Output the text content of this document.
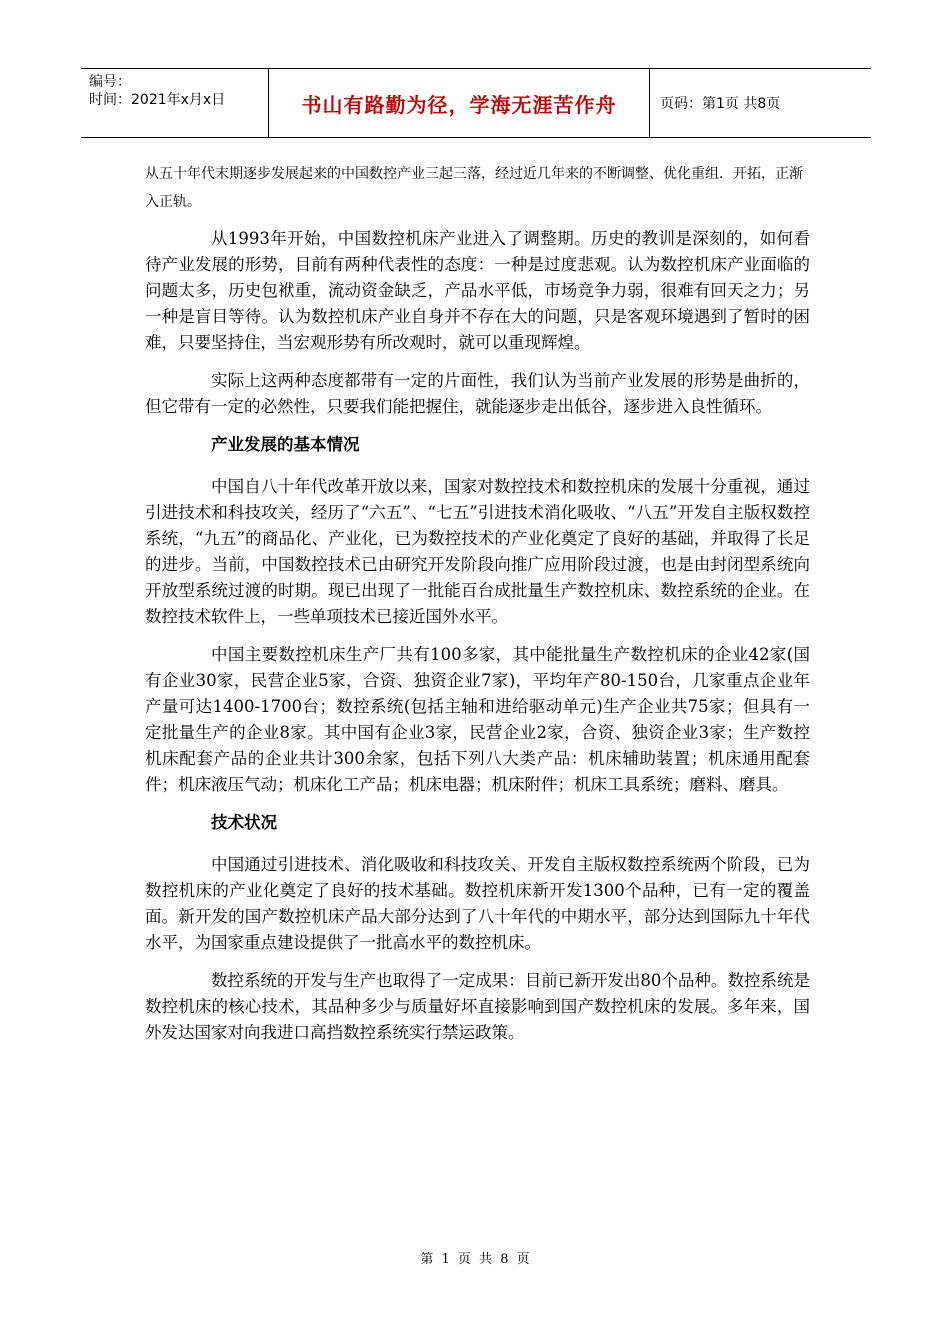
编号：
时间：2021年x月x日	书山有路勤为径，学海无涯苦作舟	页码：第1页 共8页

从五十年代末期逐步发展起来的中国数控产业三起三落，经过近几年来的不断调整、优化重组．开拓，正渐入正轨。

从1993年开始，中国数控机床产业进入了调整期。历史的教训是深刻的，如何看待产业发展的形势，目前有两种代表性的态度：一种是过度悲观。认为数控机床产业面临的问题太多，历史包袱重，流动资金缺乏，产品水平低，市场竞争力弱，很难有回天之力；另一种是盲目等待。认为数控机床产业自身并不存在大的问题，只是客观环境遇到了暂时的困难，只要坚持住，当宏观形势有所改观时，就可以重现辉煌。

实际上这两种态度都带有一定的片面性，我们认为当前产业发展的形势是曲折的，但它带有一定的必然性，只要我们能把握住，就能逐步走出低谷，逐步进入良性循环。

产业发展的基本情况

中国自八十年代改革开放以来，国家对数控技术和数控机床的发展十分重视，通过引进技术和科技攻关，经历了“六五”、“七五”引进技术消化吸收、“八五”开发自主版权数控系统，“九五”的商品化、产业化，已为数控技术的产业化奠定了良好的基础，并取得了长足的进步。当前，中国数控技术已由研究开发阶段向推广应用阶段过渡，也是由封闭型系统向开放型系统过渡的时期。现已出现了一批能百台成批量生产数控机床、数控系统的企业。在数控技术软件上，一些单项技术已接近国外水平。

中国主要数控机床生产厂共有100多家，其中能批量生产数控机床的企业42家(国有企业30家，民营企业5家，合资、独资企业7家)，平均年产80-150台，几家重点企业年产量可达1400-1700台；数控系统(包括主轴和进给驱动单元)生产企业共75家；但具有一定批量生产的企业8家。其中国有企业3家，民营企业2家，合资、独资企业3家；生产数控机床配套产品的企业共计300余家，包括下列八大类产品：机床辅助装置；机床通用配套件；机床液压气动；机床化工产品；机床电器；机床附件；机床工具系统；磨料、磨具。

技术状况

中国通过引进技术、消化吸收和科技攻关、开发自主版权数控系统两个阶段，已为数控机床的产业化奠定了良好的技术基础。数控机床新开发1300个品种，已有一定的覆盖面。新开发的国产数控机床产品大部分达到了八十年代的中期水平，部分达到国际九十年代水平，为国家重点建设提供了一批高水平的数控机床。

数控系统的开发与生产也取得了一定成果：目前已新开发出80个品种。数控系统是数控机床的核心技术，其品种多少与质量好坏直接影响到国产数控机床的发展。多年来，国外发达国家对向我进口高挡数控系统实行禁运政策。

第 1 页 共 8 页
